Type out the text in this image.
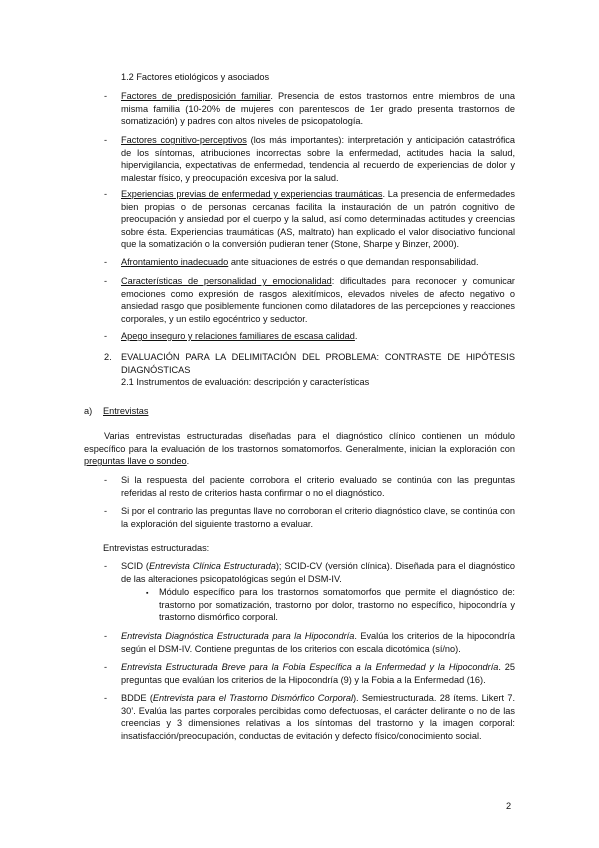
1.2 Factores etiológicos y asociados
- Factores de predisposición familiar. Presencia de estos trastornos entre miembros de una misma familia (10-20% de mujeres con parentescos de 1er grado presenta trastornos de somatización) y padres con altos niveles de psicopatología.
- Factores cognitivo-perceptivos (los más importantes): interpretación y anticipación catastrófica de los síntomas, atribuciones incorrectas sobre la enfermedad, actitudes hacia la salud, hipervigilancia, expectativas de enfermedad, tendencia al recuerdo de experiencias de dolor y malestar físico, y preocupación excesiva por la salud.
- Experiencias previas de enfermedad y experiencias traumáticas. La presencia de enfermedades bien propias o de personas cercanas facilita la instauración de un patrón cognitivo de preocupación y ansiedad por el cuerpo y la salud, así como determinadas actitudes y creencias sobre ésta. Experiencias traumáticas (AS, maltrato) han explicado el valor disociativo funcional que la somatización o la conversión pudieran tener (Stone, Sharpe y Binzer, 2000).
- Afrontamiento inadecuado ante situaciones de estrés o que demandan responsabilidad.
- Características de personalidad y emocionalidad: dificultades para reconocer y comunicar emociones como expresión de rasgos alexitímicos, elevados niveles de afecto negativo o ansiedad rasgo que posiblemente funcionen como dilatadores de las percepciones y reacciones corporales, y un estilo egocéntrico y seductor.
- Apego inseguro y relaciones familiares de escasa calidad.
2. EVALUACIÓN PARA LA DELIMITACIÓN DEL PROBLEMA: CONTRASTE DE HIPÓTESIS DIAGNÓSTICAS
2.1 Instrumentos de evaluación: descripción y características
a) Entrevistas
Varias entrevistas estructuradas diseñadas para el diagnóstico clínico contienen un módulo específico para la evaluación de los trastornos somatomorfos. Generalmente, inician la exploración con preguntas llave o sondeo.
- Si la respuesta del paciente corrobora el criterio evaluado se continúa con las preguntas referidas al resto de criterios hasta confirmar o no el diagnóstico.
- Si por el contrario las preguntas llave no corroboran el criterio diagnóstico clave, se continúa con la exploración del siguiente trastorno a evaluar.
Entrevistas estructuradas:
- SCID (Entrevista Clínica Estructurada); SCID-CV (versión clínica). Diseñada para el diagnóstico de las alteraciones psicopatológicas según el DSM-IV.
▪ Módulo específico para los trastornos somatomorfos que permite el diagnóstico de: trastorno por somatización, trastorno por dolor, trastorno no específico, hipocondría y trastorno dismórfico corporal.
- Entrevista Diagnóstica Estructurada para la Hipocondría. Evalúa los criterios de la hipocondría según el DSM-IV. Contiene preguntas de los criterios con escala dicotómica (sí/no).
- Entrevista Estructurada Breve para la Fobia Específica a la Enfermedad y la Hipocondría. 25 preguntas que evalúan los criterios de la Hipocondría (9) y la Fobia a la Enfermedad (16).
- BDDE (Entrevista para el Trastorno Dismórfico Corporal). Semiestructurada. 28 ítems. Likert 7. 30’. Evalúa las partes corporales percibidas como defectuosas, el carácter delirante o no de las creencias y 3 dimensiones relativas a los síntomas del trastorno y la imagen corporal: insatisfacción/preocupación, conductas de evitación y defecto físico/conocimiento social.
2
